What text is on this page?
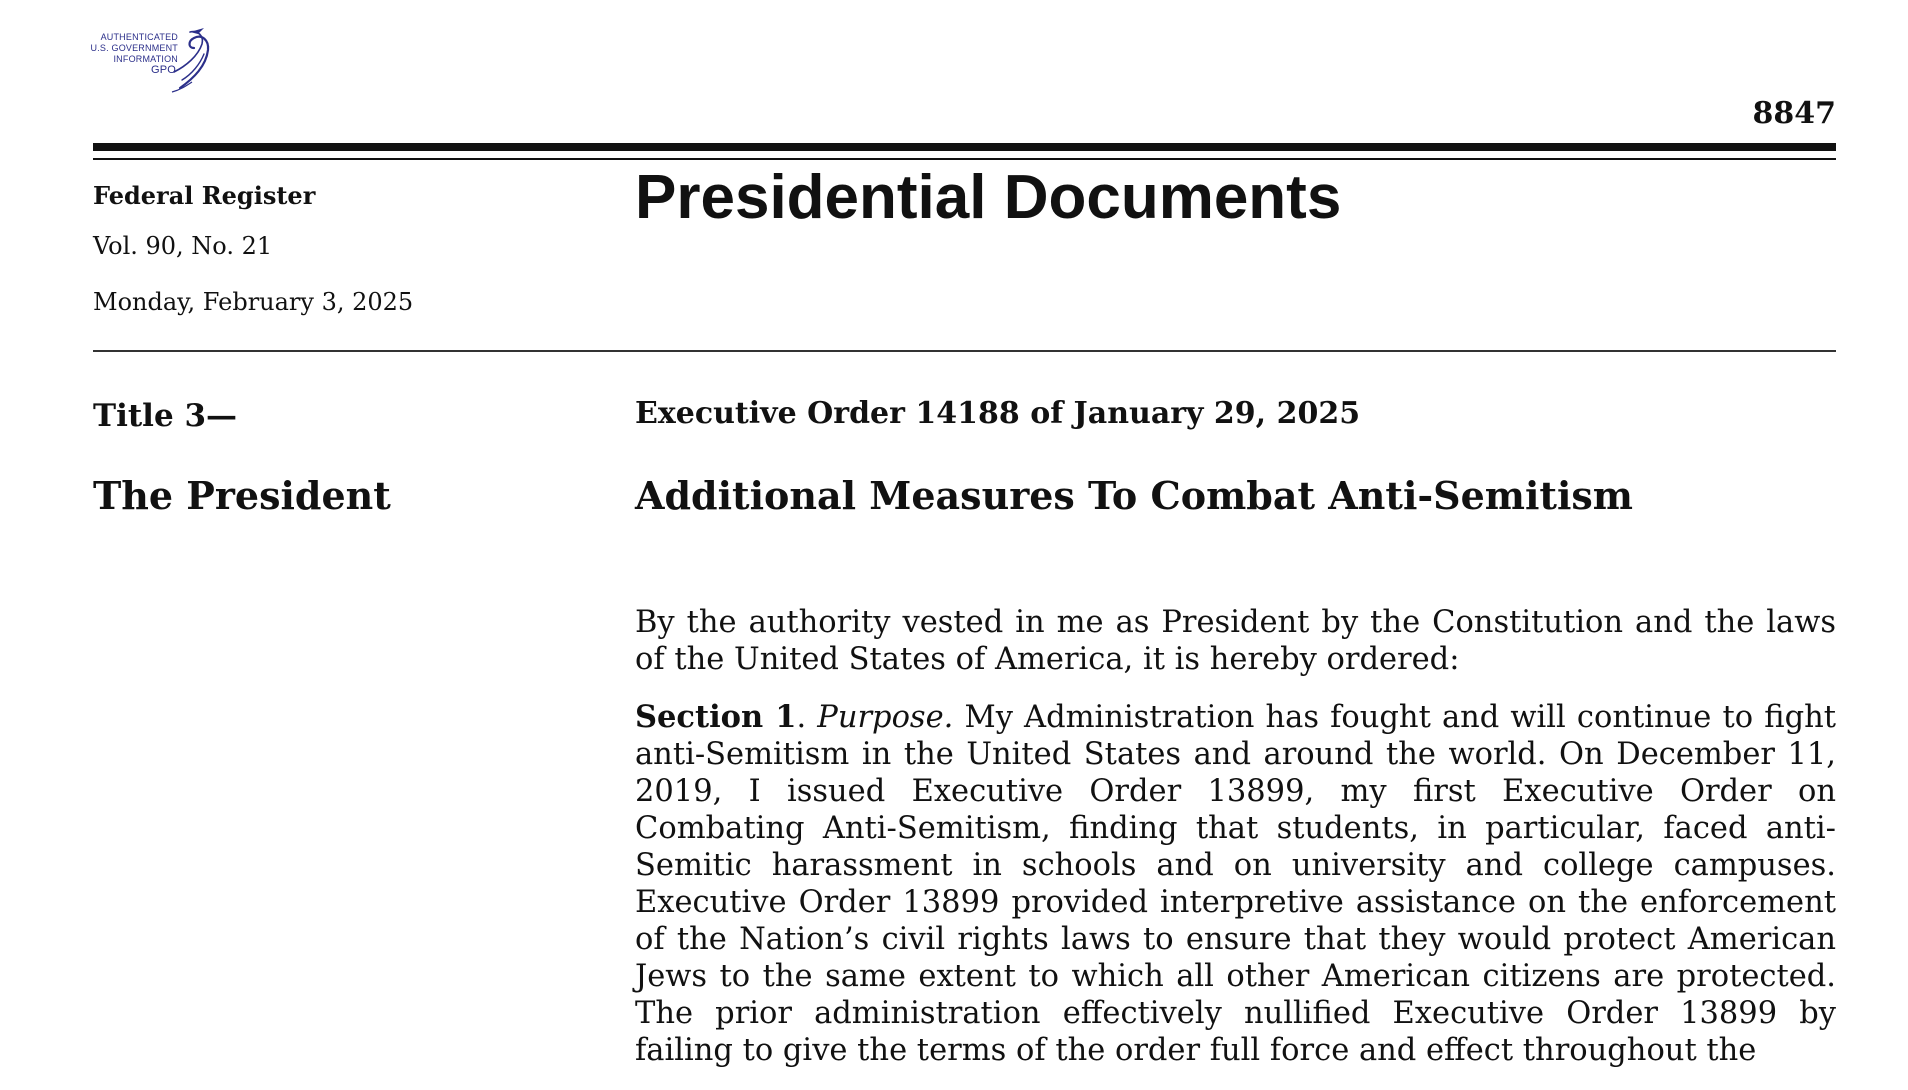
AUTHENTICATED
U.S. GOVERNMENT
INFORMATION
GPO
8847
Federal Register
Vol. 90, No. 21
Monday, February 3, 2025
Presidential Documents
Title 3—
The President
Executive Order 14188 of January 29, 2025
Additional Measures To Combat Anti-Semitism

By the authority vested in me as President by the Constitution and the laws of the United States of America, it is hereby ordered:

Section 1. Purpose. My Administration has fought and will continue to fight anti-Semitism in the United States and around the world. On December 11, 2019, I issued Executive Order 13899, my first Executive Order on Combating Anti-Semitism, finding that students, in particular, faced anti-Semitic harassment in schools and on university and college campuses. Executive Order 13899 provided interpretive assistance on the enforcement of the Nation’s civil rights laws to ensure that they would protect American Jews to the same extent to which all other American citizens are protected. The prior administration effectively nullified Executive Order 13899 by failing to give the terms of the order full force and effect throughout the
